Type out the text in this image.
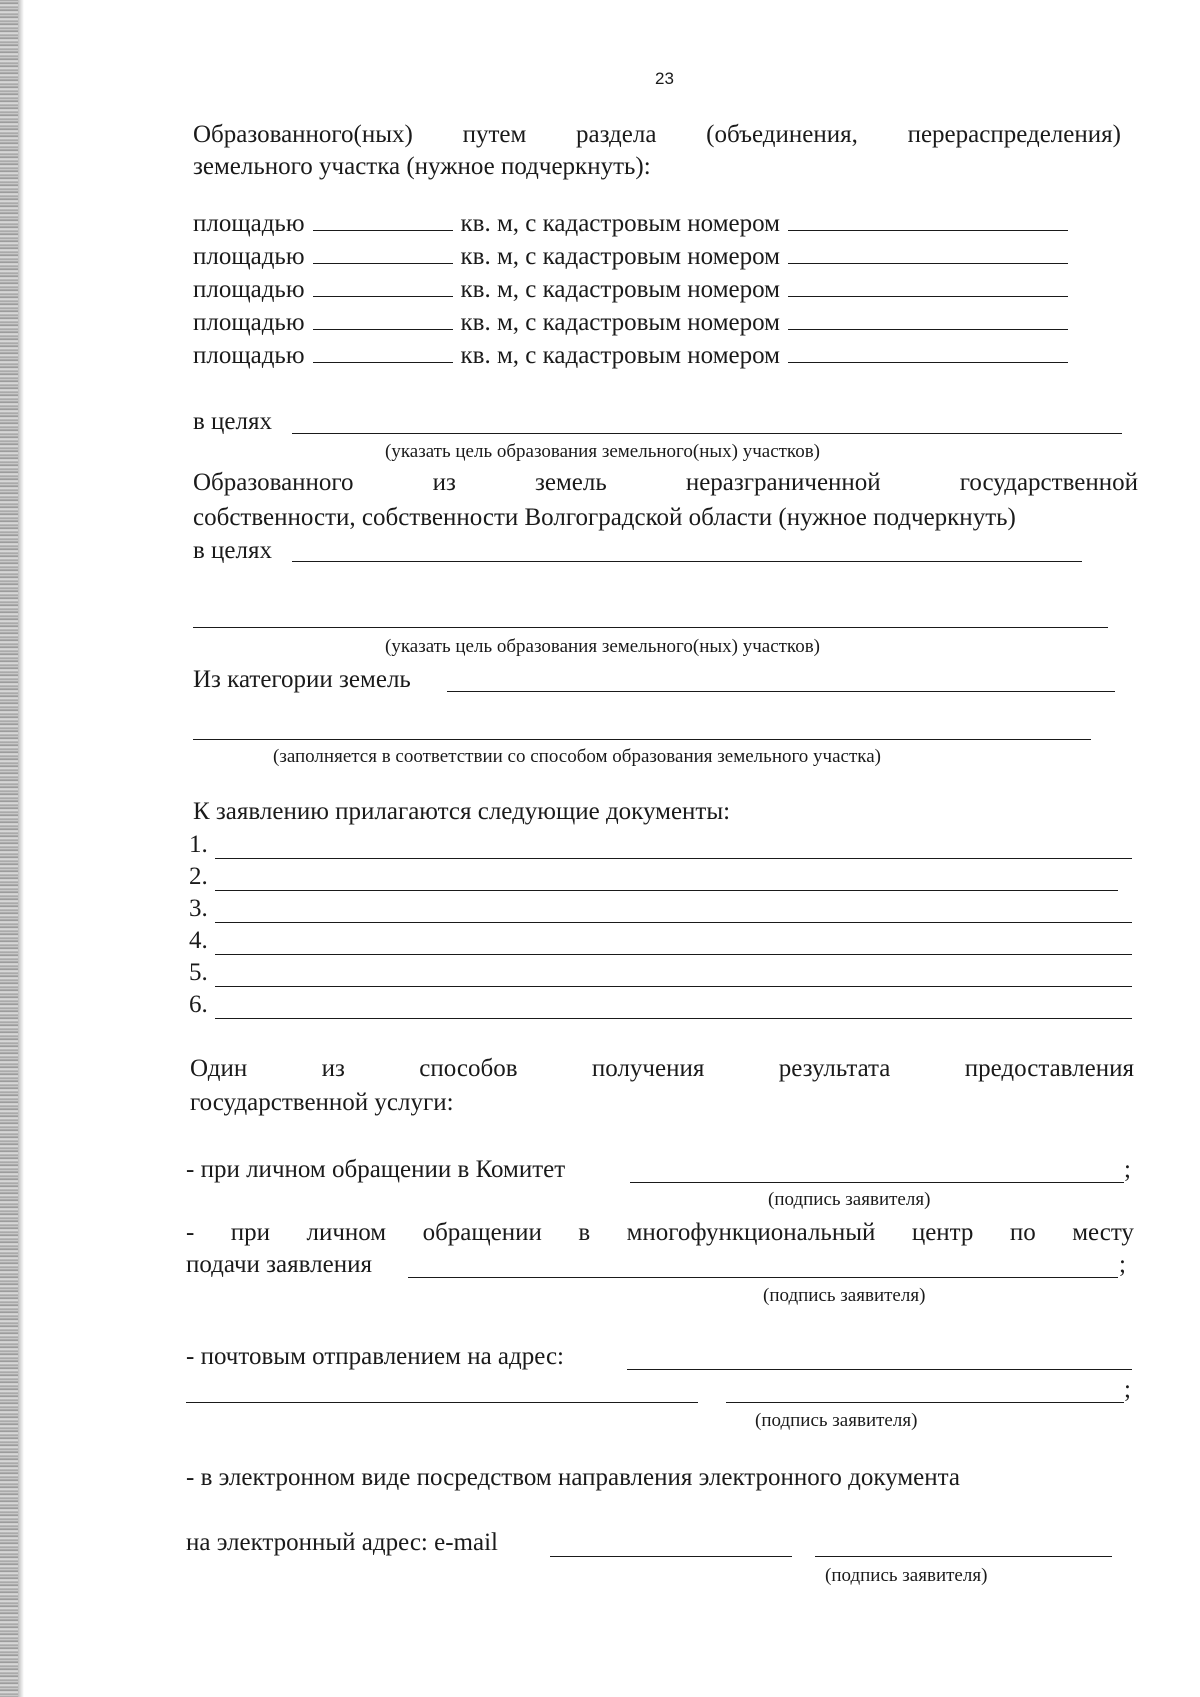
23
Образованного(ных) путем раздела (объединения, перераспределения)
земельного участка (нужное подчеркнуть):
площадью	кв. м, с кадастровым номером
площадью	кв. м, с кадастровым номером
площадью	кв. м, с кадастровым номером
площадью	кв. м, с кадастровым номером
площадью	кв. м, с кадастровым номером
в целях
(указать цель образования земельного(ных) участков)
Образованного	из	земель	неразграниченной	государственной
собственности, собственности Волгоградской области (нужное подчеркнуть)
в целях
(указать цель образования земельного(ных) участков)
Из категории земель
(заполняется в соответствии со способом образования земельного участка)
К заявлению прилагаются следующие документы:
1.
2.
3.
4.
5.
6.
Один	из	способов	получения	результата	предоставления
государственной услуги:
- при личном обращении в Комитет	;
(подпись заявителя)
- при личном обращении в многофункциональный центр по месту
подачи заявления	;
(подпись заявителя)
- почтовым отправлением на адрес:
;
(подпись заявителя)
- в электронном виде посредством направления электронного документа
на электронный адрес: e-mail
(подпись заявителя)
